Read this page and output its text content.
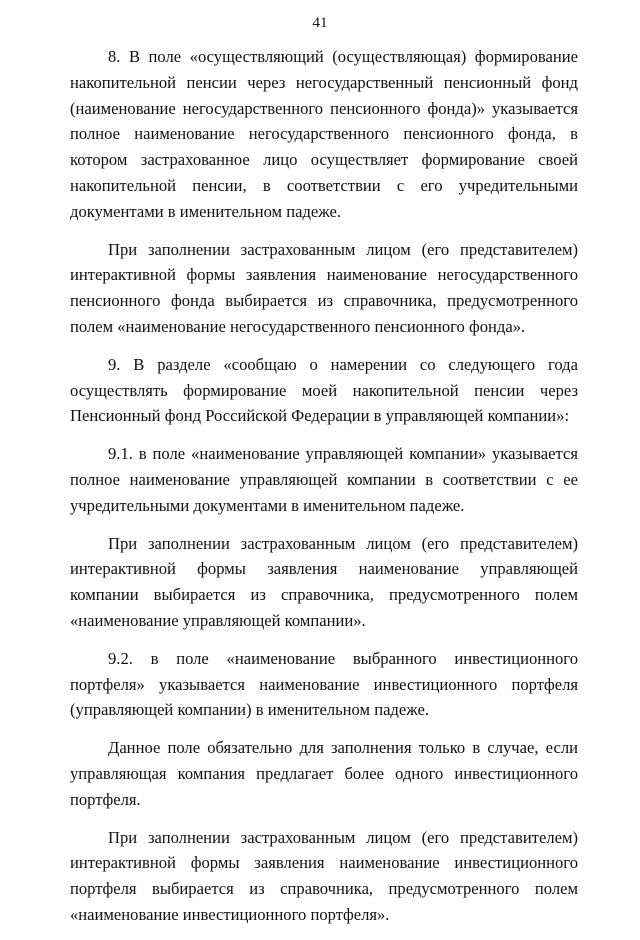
41

8. В поле «осуществляющий (осуществляющая) формирование накопительной пенсии через негосударственный пенсионный фонд (наименование негосударственного пенсионного фонда)» указывается полное наименование негосударственного пенсионного фонда, в котором застрахованное лицо осуществляет формирование своей накопительной пенсии, в соответствии с его учредительными документами в именительном падеже.

При заполнении застрахованным лицом (его представителем) интерактивной формы заявления наименование негосударственного пенсионного фонда выбирается из справочника, предусмотренного полем «наименование негосударственного пенсионного фонда».

9. В разделе «сообщаю о намерении со следующего года осуществлять формирование моей накопительной пенсии через Пенсионный фонд Российской Федерации в управляющей компании»:

9.1. в поле «наименование управляющей компании» указывается полное наименование управляющей компании в соответствии с ее учредительными документами в именительном падеже.

При заполнении застрахованным лицом (его представителем) интерактивной формы заявления наименование управляющей компании выбирается из справочника, предусмотренного полем «наименование управляющей компании».

9.2. в поле «наименование выбранного инвестиционного портфеля» указывается наименование инвестиционного портфеля (управляющей компании) в именительном падеже.

Данное поле обязательно для заполнения только в случае, если управляющая компания предлагает более одного инвестиционного портфеля.

При заполнении застрахованным лицом (его представителем) интерактивной формы заявления наименование инвестиционного портфеля выбирается из справочника, предусмотренного полем «наименование инвестиционного портфеля».
